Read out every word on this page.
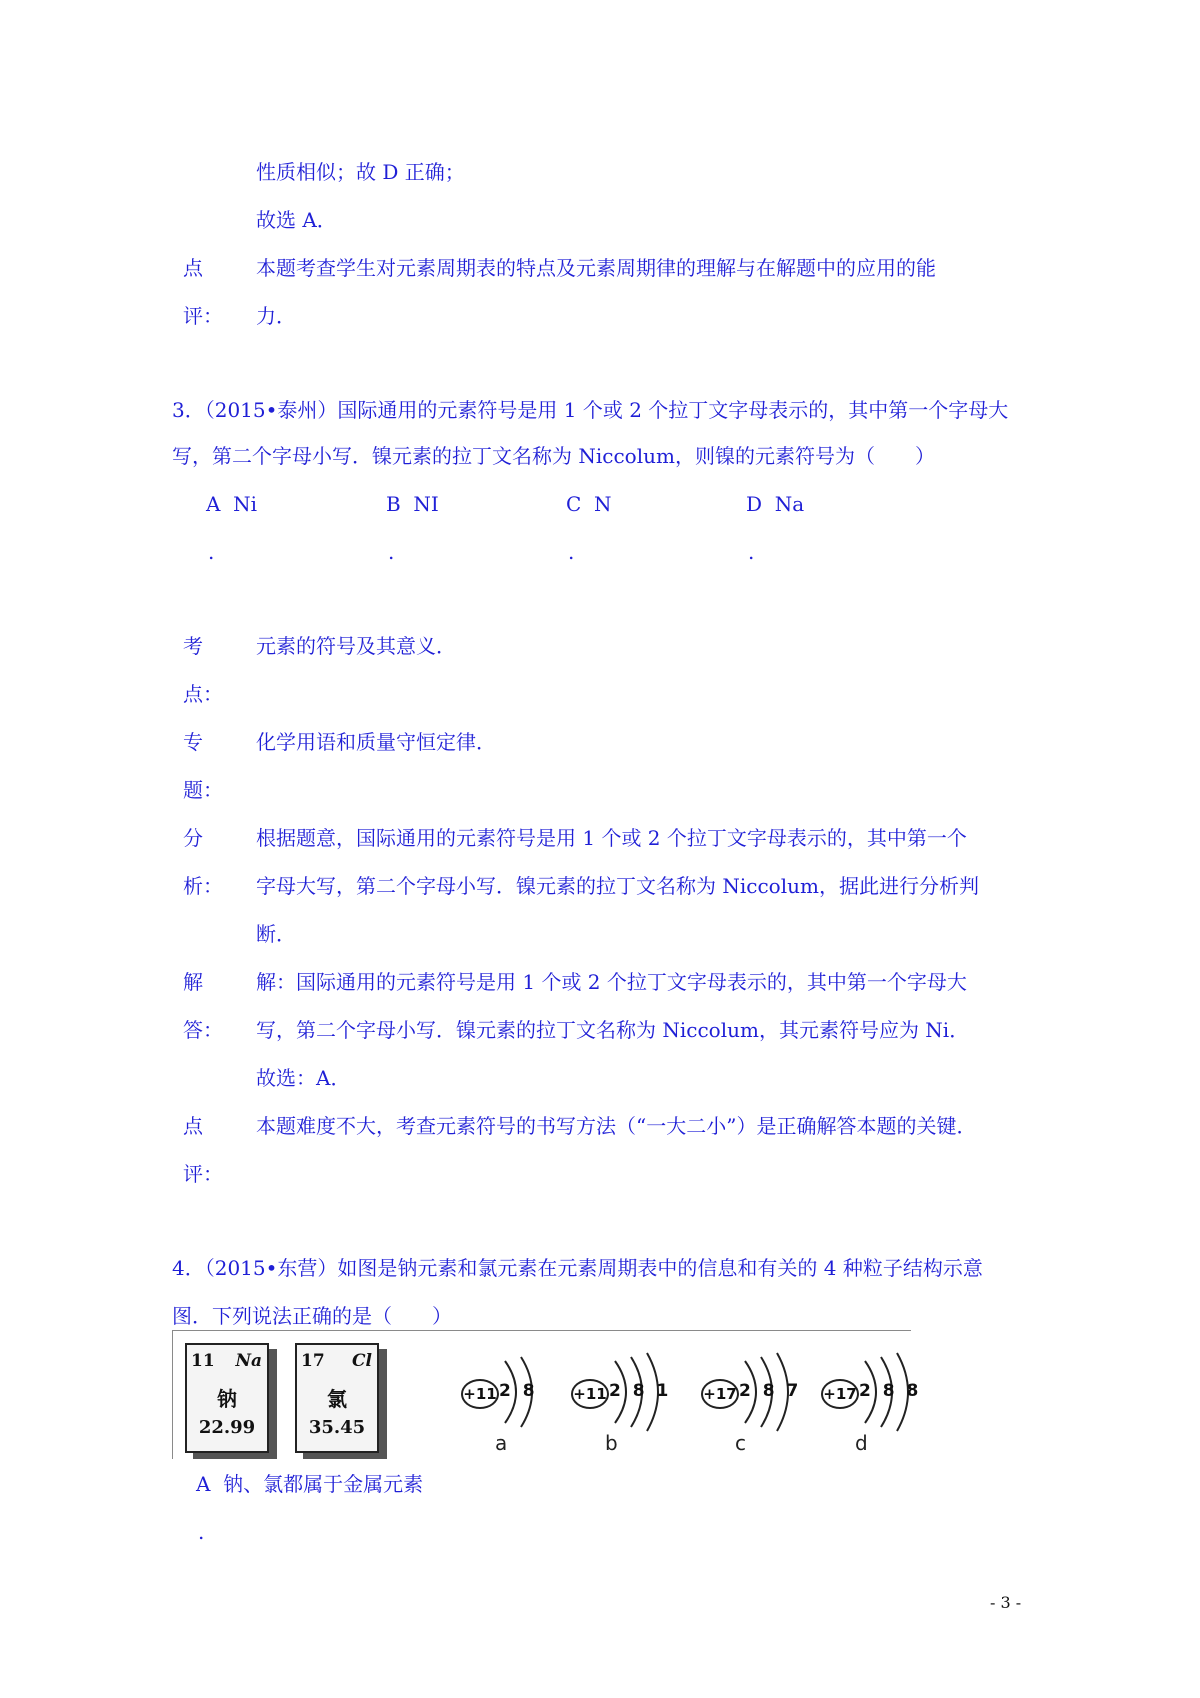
性质相似；故 D 正确；
故选 A．
点
评：
本题考查学生对元素周期表的特点及元素周期律的理解与在解题中的应用的能
力．
3．（2015•泰州）国际通用的元素符号是用 1 个或 2 个拉丁文字母表示的，其中第一个字母大
写，第二个字母小写．镍元素的拉丁文名称为 Niccolum，则镍的元素符号为（　　）
A Ni
.
B NI
.
C N
.
D Na
.
考
点：
元素的符号及其意义．
专
题：
化学用语和质量守恒定律．
分
析：
根据题意，国际通用的元素符号是用 1 个或 2 个拉丁文字母表示的，其中第一个
字母大写，第二个字母小写．镍元素的拉丁文名称为 Niccolum，据此进行分析判
断．
解
答：
解：国际通用的元素符号是用 1 个或 2 个拉丁文字母表示的，其中第一个字母大
写，第二个字母小写．镍元素的拉丁文名称为 Niccolum，其元素符号应为 Ni．
故选：A．
点
评：
本题难度不大，考查元素符号的书写方法（“一大二小”）是正确解答本题的关键．
4．（2015•东营）如图是钠元素和氯元素在元素周期表中的信息和有关的 4 种粒子结构示意
图．下列说法正确的是（　　）
11 Na
钠
22.99
17 Cl
氯
35.45
+11 2 8
a
+11 2 8 1
b
+17 2 8 7
c
+17 2 8 8
d
A 钠、氯都属于金属元素
.
- 3 -
